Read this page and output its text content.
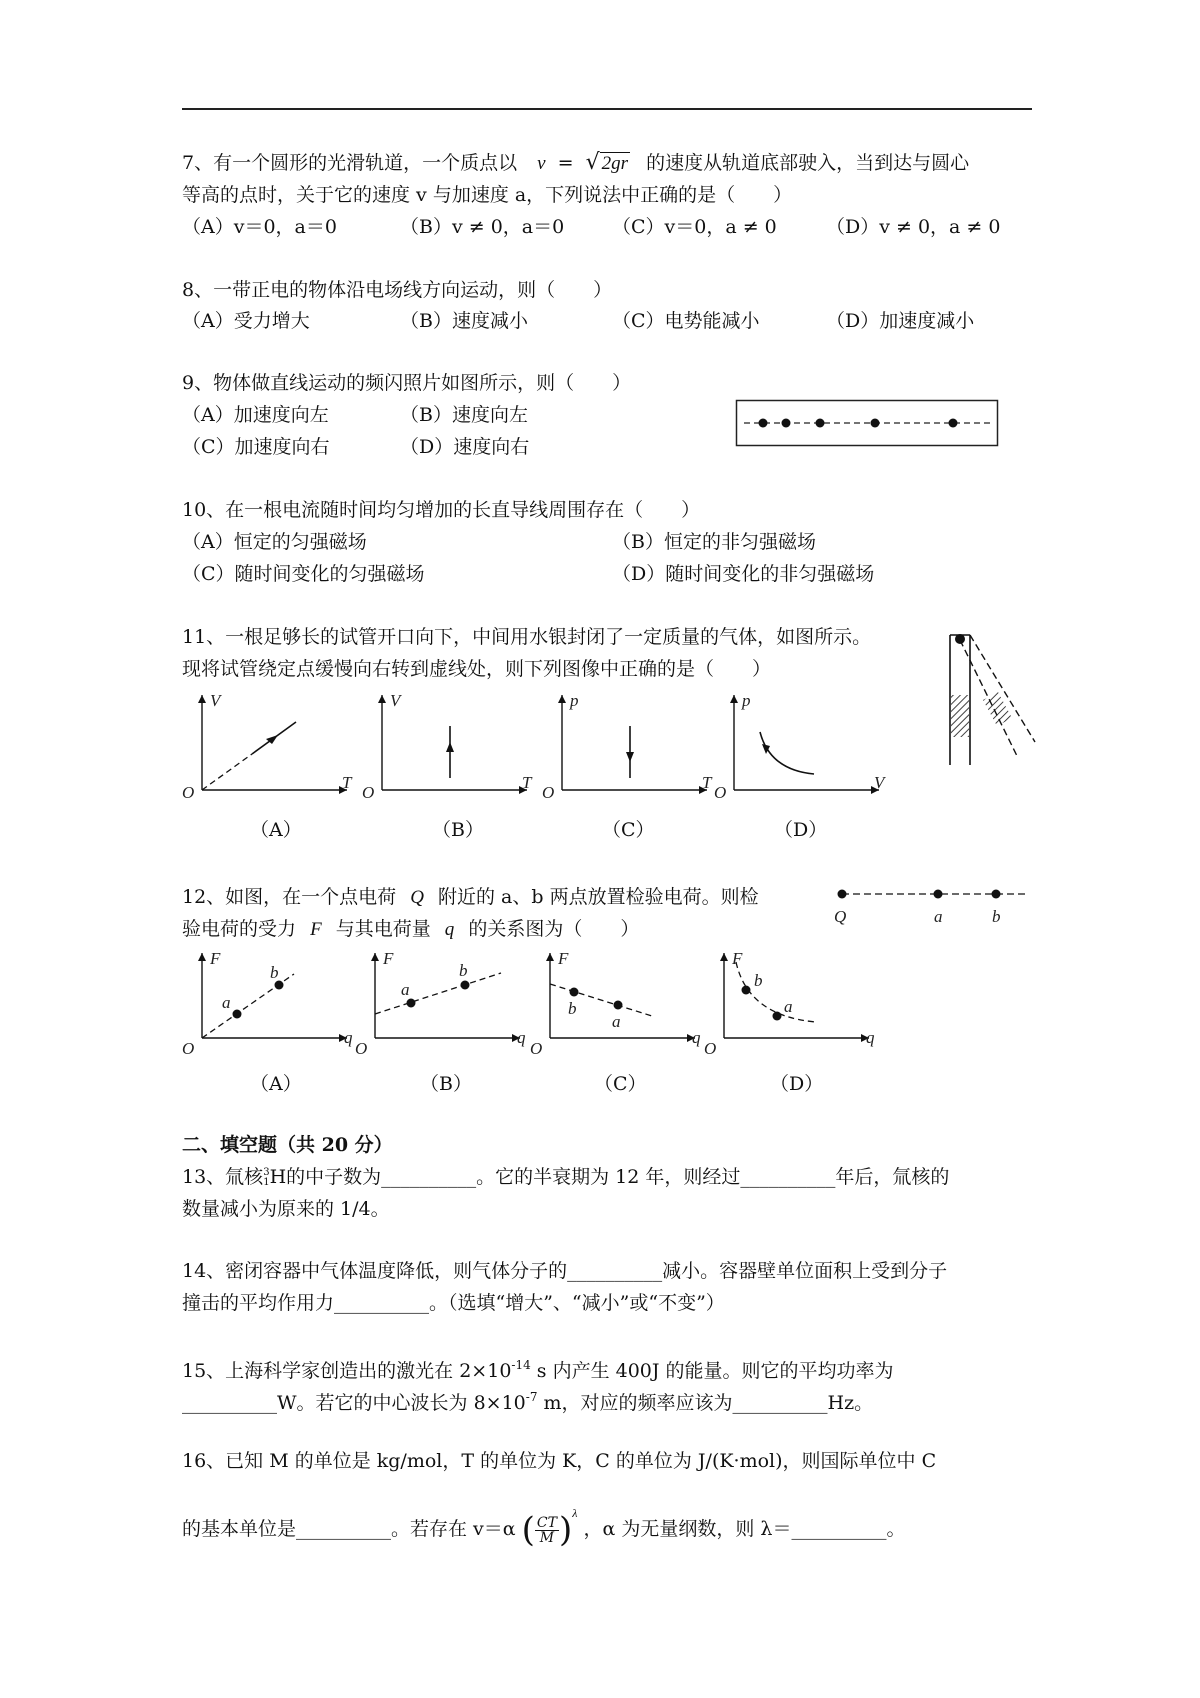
7、有一个圆形的光滑轨道，一个质点以 v = √ 2gr 的速度从轨道底部驶入，当到达与圆心
等高的点时，关于它的速度 v 与加速度 a，下列说法中正确的是（　　）
（A）v＝0，a＝0	（B）v ≠ 0，a＝0	（C）v＝0，a ≠ 0	（D）v ≠ 0，a ≠ 0
8、一带正电的物体沿电场线方向运动，则（　　）
（A）受力增大	（B）速度减小	（C）电势能减小	（D）加速度减小
9、物体做直线运动的频闪照片如图所示，则（　　）
（A）加速度向左	（B）速度向左
（C）加速度向右	（D）速度向右
10、在一根电流随时间均匀增加的长直导线周围存在（　　）
（A）恒定的匀强磁场	（B）恒定的非匀强磁场
（C）随时间变化的匀强磁场	（D）随时间变化的非匀强磁场
11、一根足够长的试管开口向下，中间用水银封闭了一定质量的气体，如图所示。
现将试管绕定点缓慢向右转到虚线处，则下列图像中正确的是（　　）
V
T
O
（A）
V
T
O
（B）
p
T
O
（C）
p
V
O
（D）
12、如图，在一个点电荷 Q 附近的 a、b 两点放置检验电荷。则检
验电荷的受力 F 与其电荷量 q 的关系图为（　　）
Q	a	b
F
q
O
a
b
（A）
F
q
O
a
b
（B）
F
q
O
b
a
（C）
F
q
O
b
a
（D）
二、填空题（共 20 分）
13、氚核 3
1 H的中子数为__________。它的半衰期为 12 年，则经过__________年后，氚核的
数量减小为原来的 1/4。
14、密闭容器中气体温度降低，则气体分子的__________减小。容器壁单位面积上受到分子
撞击的平均作用力__________。（选填“增大”、“减小”或“不变”）
15、上海科学家创造出的激光在 $2\times 10^{-14}$ s 内产生 400J 的能量。则它的平均功率为
__________W。若它的中心波长为 $8\times 10^{-7}$ m，对应的频率应该为__________Hz。
16、已知 M 的单位是 kg/mol，T 的单位为 K，C 的单位为 J/(K·mol)，则国际单位中 C
的基本单位是__________。若存在 v＝α ( $\frac{CT}{M} )^\lambda$ ，α 为无量纲数，则 λ＝__________。
